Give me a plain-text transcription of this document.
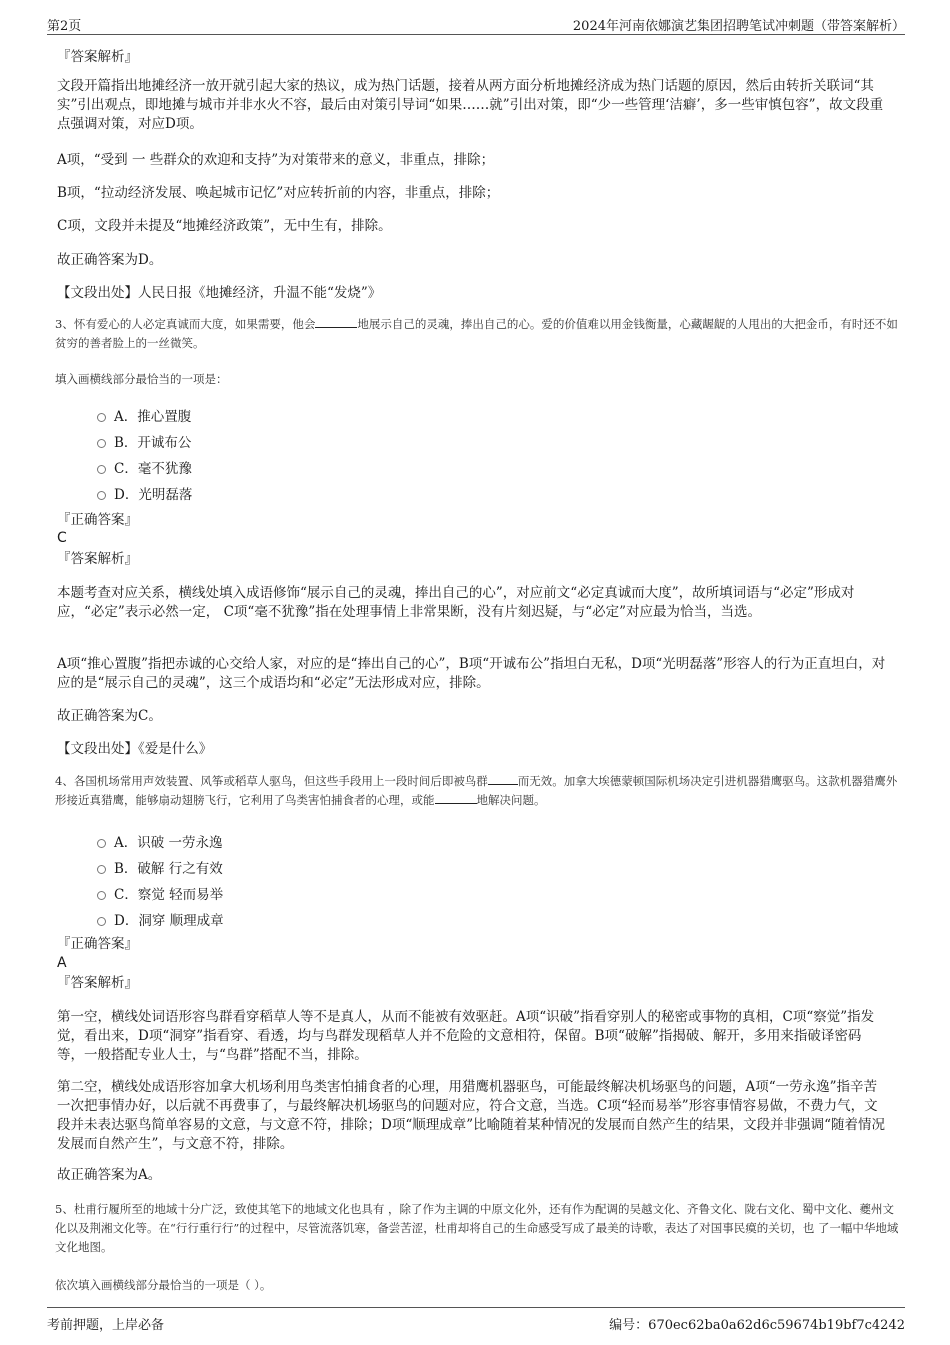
第2页	2024年河南依娜演艺集团招聘笔试冲刺题（带答案解析）
『答案解析』
文段开篇指出地摊经济一放开就引起大家的热议，成为热门话题，接着从两方面分析地摊经济成为热门话题的原因，然后由转折关联词“其实”引出观点，即地摊与城市并非水火不容，最后由对策引导词“如果……就”引出对策，即“少一些管理‘洁癖’，多一些审慎包容”，故文段重点强调对策，对应D项。
A项，“受到 一 些群众的欢迎和支持”为对策带来的意义，非重点，排除；
B项，“拉动经济发展、唤起城市记忆”对应转折前的内容，非重点，排除；
C项，文段并未提及“地摊经济政策”，无中生有，排除。
故正确答案为D。
【文段出处】人民日报《地摊经济，升温不能“发烧”》
3、怀有爱心的人必定真诚而大度，如果需要，他会	地展示自己的灵魂，捧出自己的心。爱的价值难以用金钱衡量，心藏龌龊的人甩出的大把金币，有时还不如贫穷的善者脸上的一丝微笑。
填入画横线部分最恰当的一项是：
A．推心置腹
B．开诚布公
C．毫不犹豫
D．光明磊落
『正确答案』
C
『答案解析』
本题考查对应关系，横线处填入成语修饰“展示自己的灵魂，捧出自己的心”，对应前文“必定真诚而大度”，故所填词语与“必定”形成对应，“必定”表示必然一定， C项“毫不犹豫”指在处理事情上非常果断，没有片刻迟疑，与“必定”对应最为恰当，当选。
A项“推心置腹”指把赤诚的心交给人家，对应的是“捧出自己的心”，B项“开诚布公”指坦白无私，D项“光明磊落”形容人的行为正直坦白，对应的是“展示自己的灵魂”，这三个成语均和“必定”无法形成对应，排除。
故正确答案为C。
【文段出处】《爱是什么》
4、各国机场常用声效装置、风筝或稻草人驱鸟，但这些手段用上一段时间后即被鸟群	而无效。加拿大埃德蒙顿国际机场决定引进机器猎鹰驱鸟。这款机器猎鹰外形接近真猎鹰，能够扇动翅膀飞行，它利用了鸟类害怕捕食者的心理，或能	地解决问题。
A．识破 一劳永逸
B．破解 行之有效
C．察觉 轻而易举
D．洞穿 顺理成章
『正确答案』
A
『答案解析』
第一空，横线处词语形容鸟群看穿稻草人等不是真人，从而不能被有效驱赶。A项“识破”指看穿别人的秘密或事物的真相，C项“察觉”指发觉，看出来，D项“洞穿”指看穿、看透，均与鸟群发现稻草人并不危险的文意相符，保留。B项“破解”指揭破、解开，多用来指破译密码等，一般搭配专业人士，与“鸟群”搭配不当，排除。
第二空，横线处成语形容加拿大机场利用鸟类害怕捕食者的心理，用猎鹰机器驱鸟，可能最终解决机场驱鸟的问题，A项“一劳永逸”指辛苦一次把事情办好，以后就不再费事了，与最终解决机场驱鸟的问题对应，符合文意，当选。C项“轻而易举”形容事情容易做，不费力气，文段并未表达驱鸟简单容易的文意，与文意不符，排除；D项“顺理成章”比喻随着某种情况的发展而自然产生的结果，文段并非强调“随着情况发展而自然产生”，与文意不符，排除。
故正确答案为A。
5、杜甫行履所至的地域十分广泛，致使其笔下的地域文化也具有 ，除了作为主调的中原文化外，还有作为配调的吴越文化、齐鲁文化、陇右文化、蜀中文化、夔州文化以及荆湘文化等。在“行行重行行”的过程中，尽管流落饥寒，备尝苦涩，杜甫却将自己的生命感受写成了最美的诗歌，表达了对国事民瘼的关切，也 了一幅中华地域文化地图。
依次填入画横线部分最恰当的一项是（ ）。
考前押题，上岸必备	编号：670ec62ba0a62d6c59674b19bf7c4242
